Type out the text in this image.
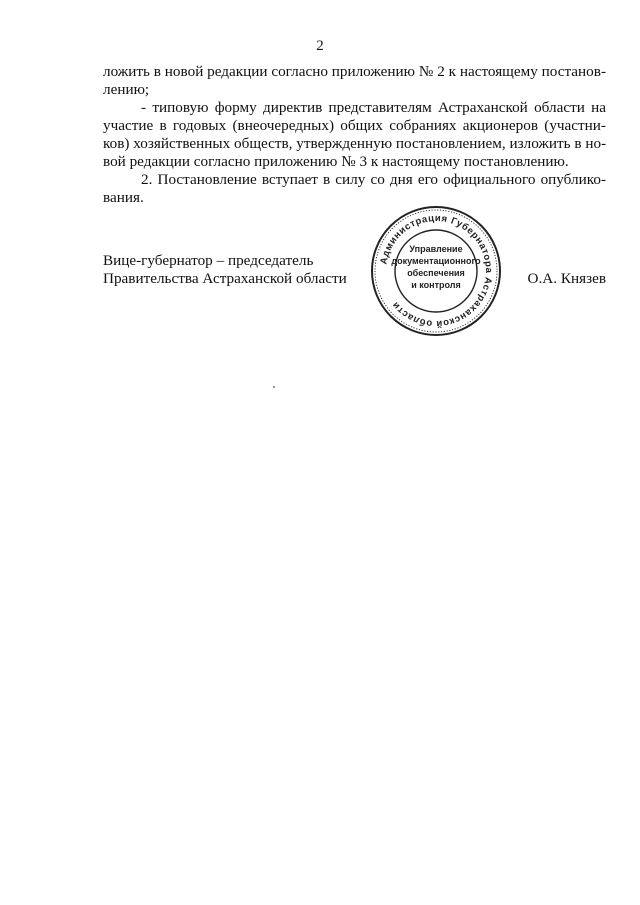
2
ложить в новой редакции согласно приложению № 2 к настоящему постанов-
лению;
- типовую форму директив представителям Астраханской области на
участие в годовых (внеочередных) общих собраниях акционеров (участни-
ков) хозяйственных обществ, утвержденную постановлением, изложить в но-
вой редакции согласно приложению № 3 к настоящему постановлению.
2. Постановление вступает в силу со дня его официального опублико-
вания.
Вице-губернатор – председатель
Правительства Астраханской области	О.А. Князев
Администрация Губернатора Астраханской области
Управление
документационного
обеспечения
и контроля
